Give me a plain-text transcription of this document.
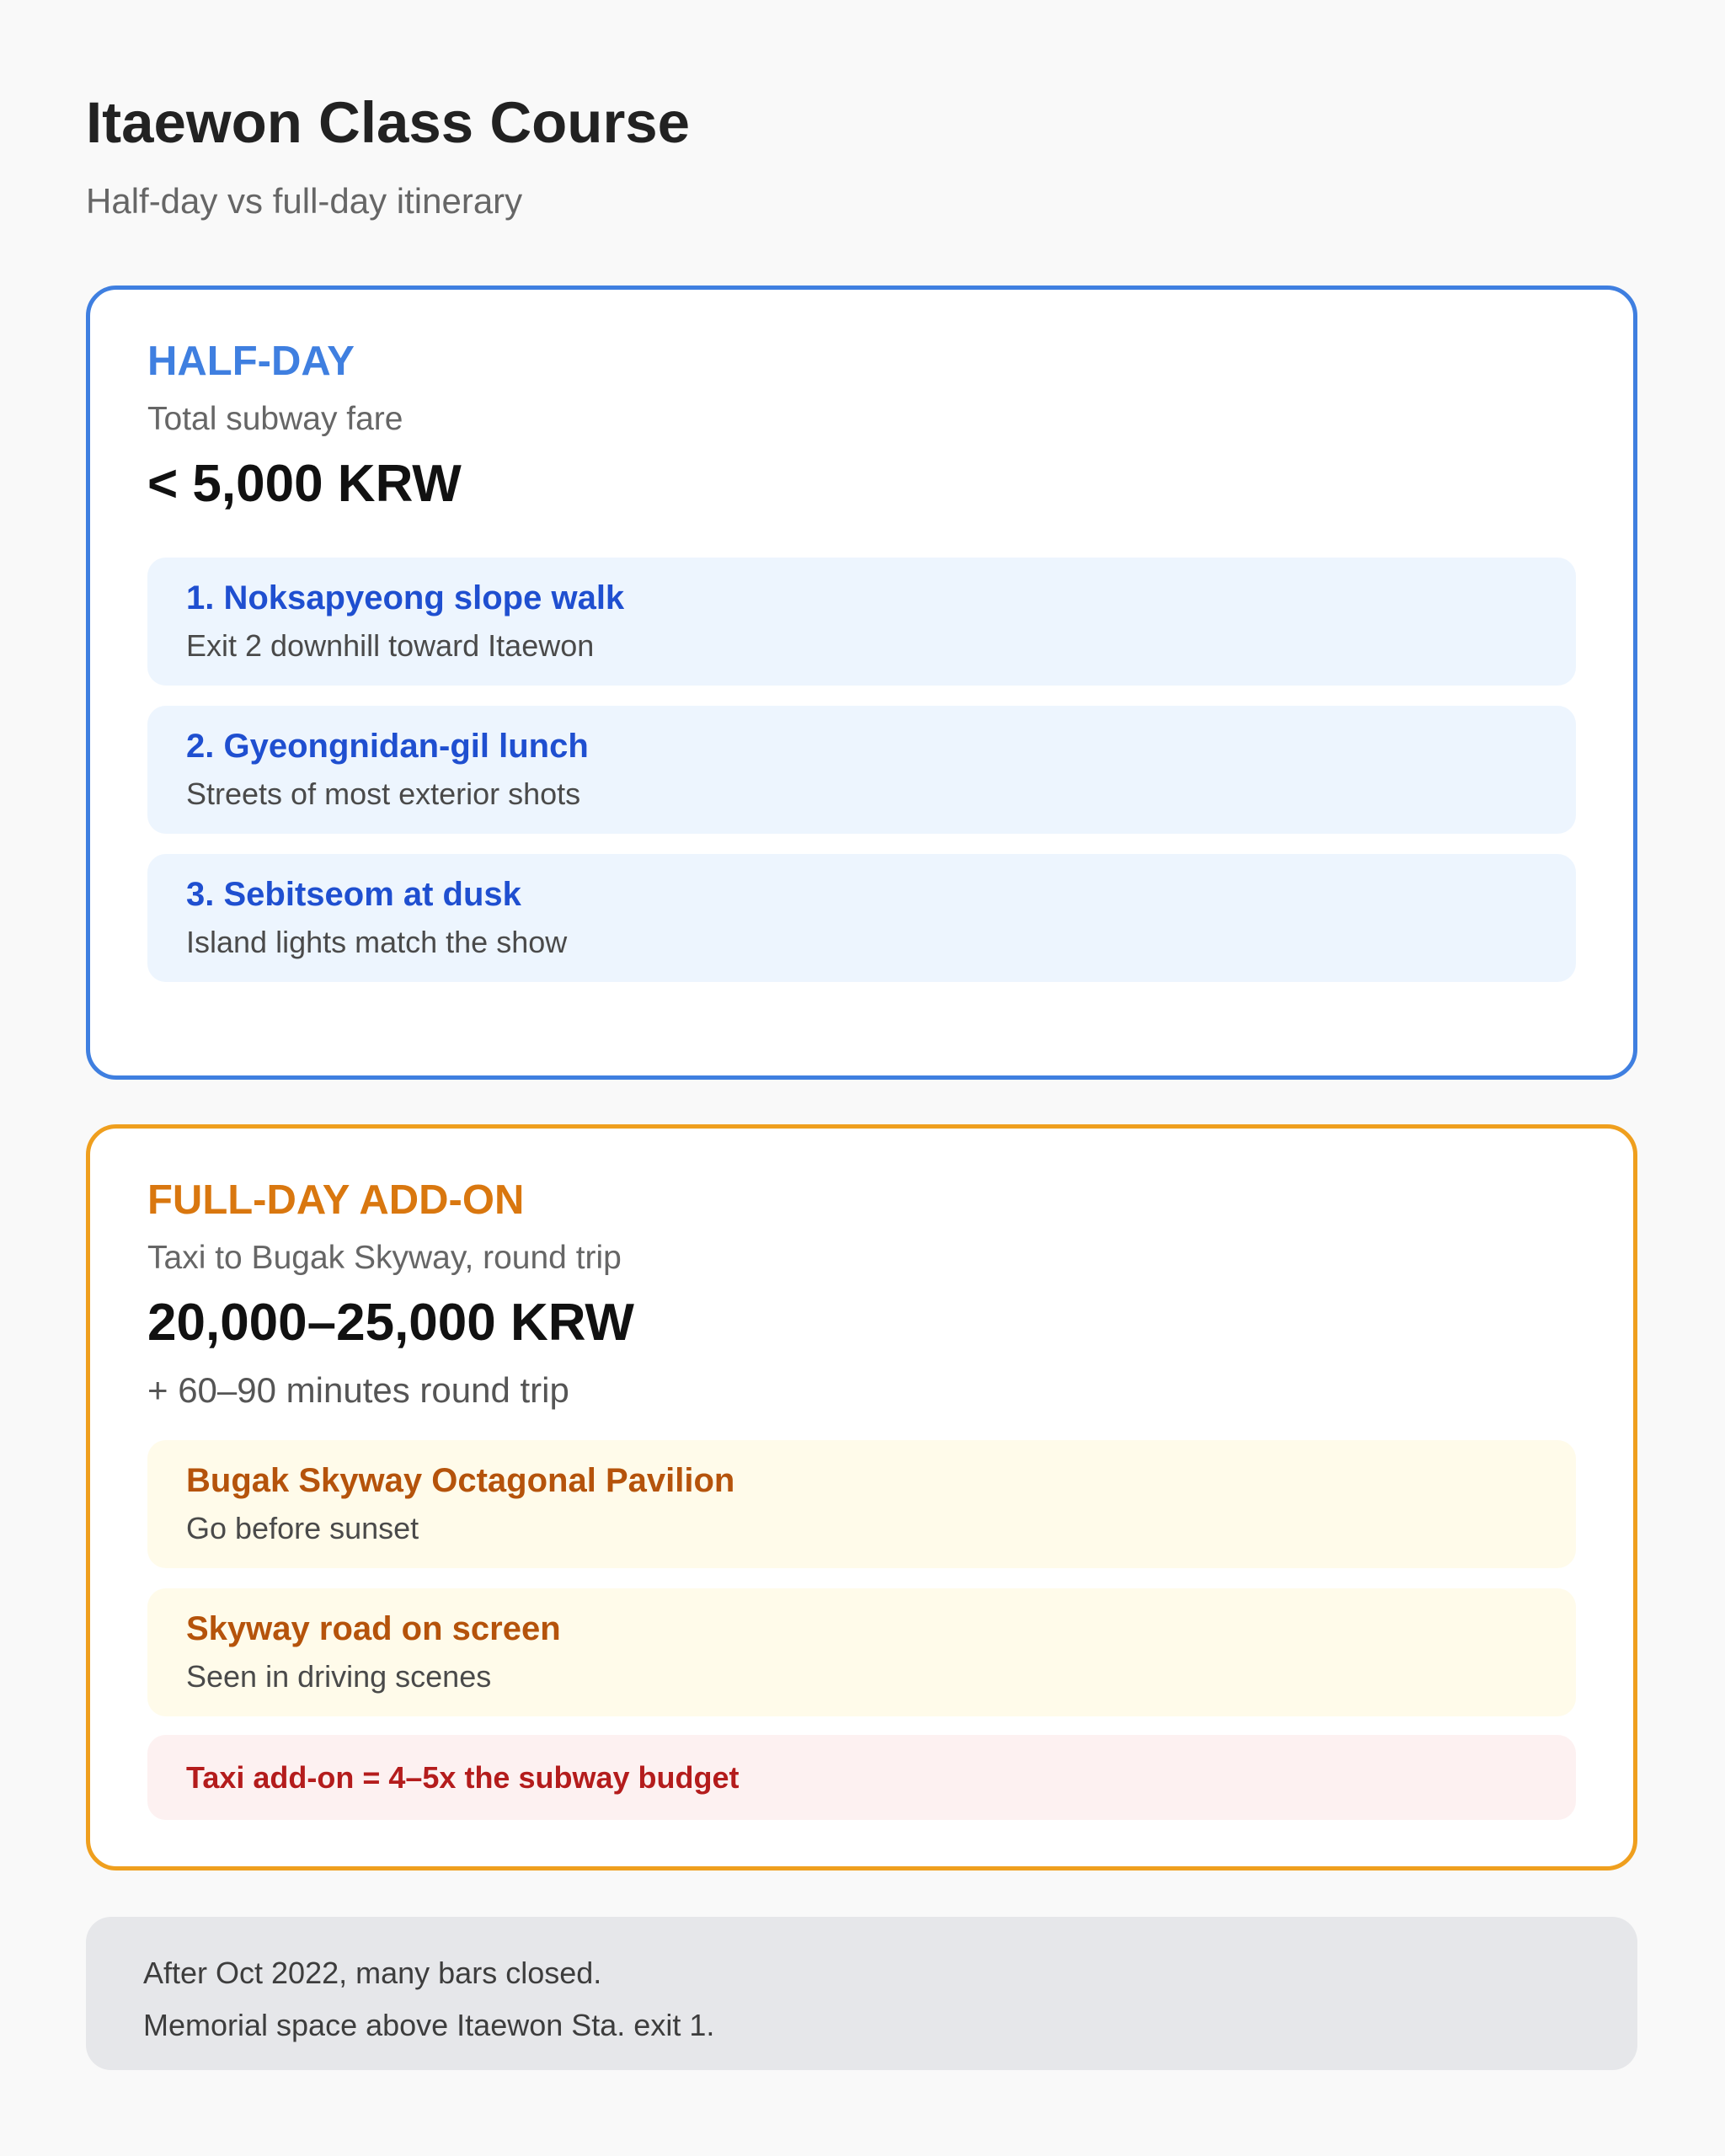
Itaewon Class Course

Half-day vs full-day itinerary

HALF-DAY

Total subway fare

< 5,000 KRW

1. Noksapyeong slope walk

Exit 2 downhill toward Itaewon

2. Gyeongnidan-gil lunch

Streets of most exterior shots

3. Sebitseom at dusk

Island lights match the show

FULL-DAY ADD-ON

Taxi to Bugak Skyway, round trip

20,000–25,000 KRW

+ 60–90 minutes round trip

Bugak Skyway Octagonal Pavilion

Go before sunset

Skyway road on screen

Seen in driving scenes

Taxi add-on = 4–5x the subway budget

After Oct 2022, many bars closed.

Memorial space above Itaewon Sta. exit 1.
